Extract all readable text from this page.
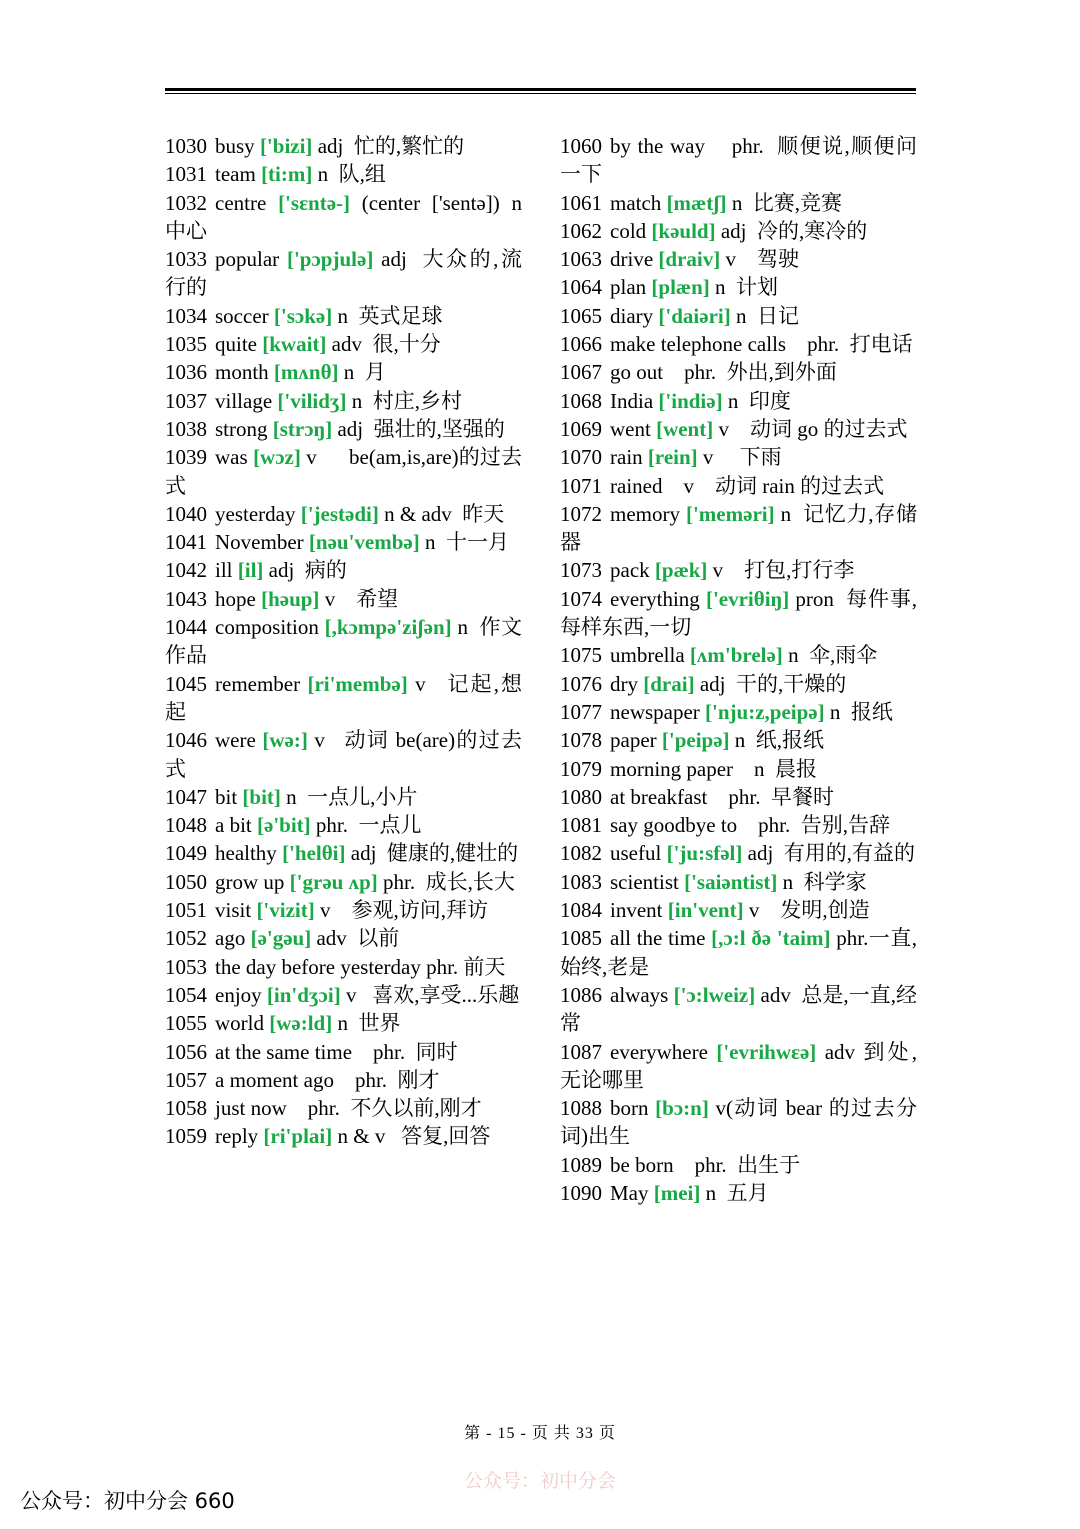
1030 busy ['bizi] adj  忙的,繁忙的
1031 team [ti:m] n  队,组
1032 centre ['sɛntə-] (center ['sentə]) n 中心
1033 popular ['pɔpjulə] adj  大众的,流行的
1034 soccer ['sɔkə] n  英式足球
1035 quite [kwait] adv  很,十分
1036 month [mʌnθ] n  月
1037 village ['vilidʒ] n  村庄,乡村
1038 strong [strɔŋ] adj  强壮的,坚强的
1039 was [wɔz] v      be(am,is,are)的过去式
1040 yesterday ['jestədi] n & adv  昨天
1041 November [nəu'vembə] n  十一月
1042 ill [il] adj  病的
1043 hope [həup] v    希望
1044 composition [,kɔmpə'ziʃən] n  作文作品
1045 remember [ri'membə] v   记起,想起
1046 were [wə:] v   动词 be(are)的过去式
1047 bit [bit] n  一点儿,小片
1048 a bit [ə'bit] phr.  一点儿
1049 healthy ['helθi] adj  健康的,健壮的
1050 grow up ['grəu ʌp] phr.  成长,长大
1051 visit ['vizit] v    参观,访问,拜访
1052 ago [ə'gəu] adv  以前
1053 the day before yesterday phr. 前天
1054 enjoy [in'dʒɔi] v   喜欢,享受...乐趣
1055 world [wə:ld] n  世界
1056 at the same time    phr.  同时
1057 a moment ago    phr.  刚才
1058 just now    phr.  不久以前,刚才
1059 reply [ri'plai] n & v   答复,回答
1060 by the way    phr.  顺便说,顺便问一下
1061 match [mætʃ] n  比赛,竞赛
1062 cold [kəuld] adj  冷的,寒冷的
1063 drive [draiv] v    驾驶
1064 plan [plæn] n  计划
1065 diary ['daiəri] n  日记
1066 make telephone calls    phr.  打电话
1067 go out    phr.  外出,到外面
1068 India ['indiə] n  印度
1069 went [went] v    动词 go 的过去式
1070 rain [rein] v     下雨
1071 rained    v    动词 rain 的过去式
1072 memory ['meməri] n  记忆力,存储器
1073 pack [pæk] v    打包,打行李
1074 everything ['evriθiŋ] pron  每件事,每样东西,一切
1075 umbrella [ʌm'brelə] n  伞,雨伞
1076 dry [drai] adj  干的,干燥的
1077 newspaper ['nju:z,peipə] n  报纸
1078 paper ['peipə] n  纸,报纸
1079 morning paper    n  晨报
1080 at breakfast    phr.  早餐时
1081 say goodbye to    phr.  告别,告辞
1082 useful ['ju:sfəl] adj  有用的,有益的
1083 scientist ['saiəntist] n  科学家
1084 invent [in'vent] v    发明,创造
1085 all the time [,ɔ:l ðə 'taim] phr.一直,始终,老是
1086 always ['ɔ:lweiz] adv  总是,一直,经常
1087 everywhere ['evrihwɛə] adv 到处,无论哪里
1088 born [bɔ:n] v(动词 bear 的过去分词)出生
1089 be born    phr.  出生于
1090 May [mei] n  五月
第 - 15 - 页 共 33 页
公众号：初中分会
公众号：初中分会 660
